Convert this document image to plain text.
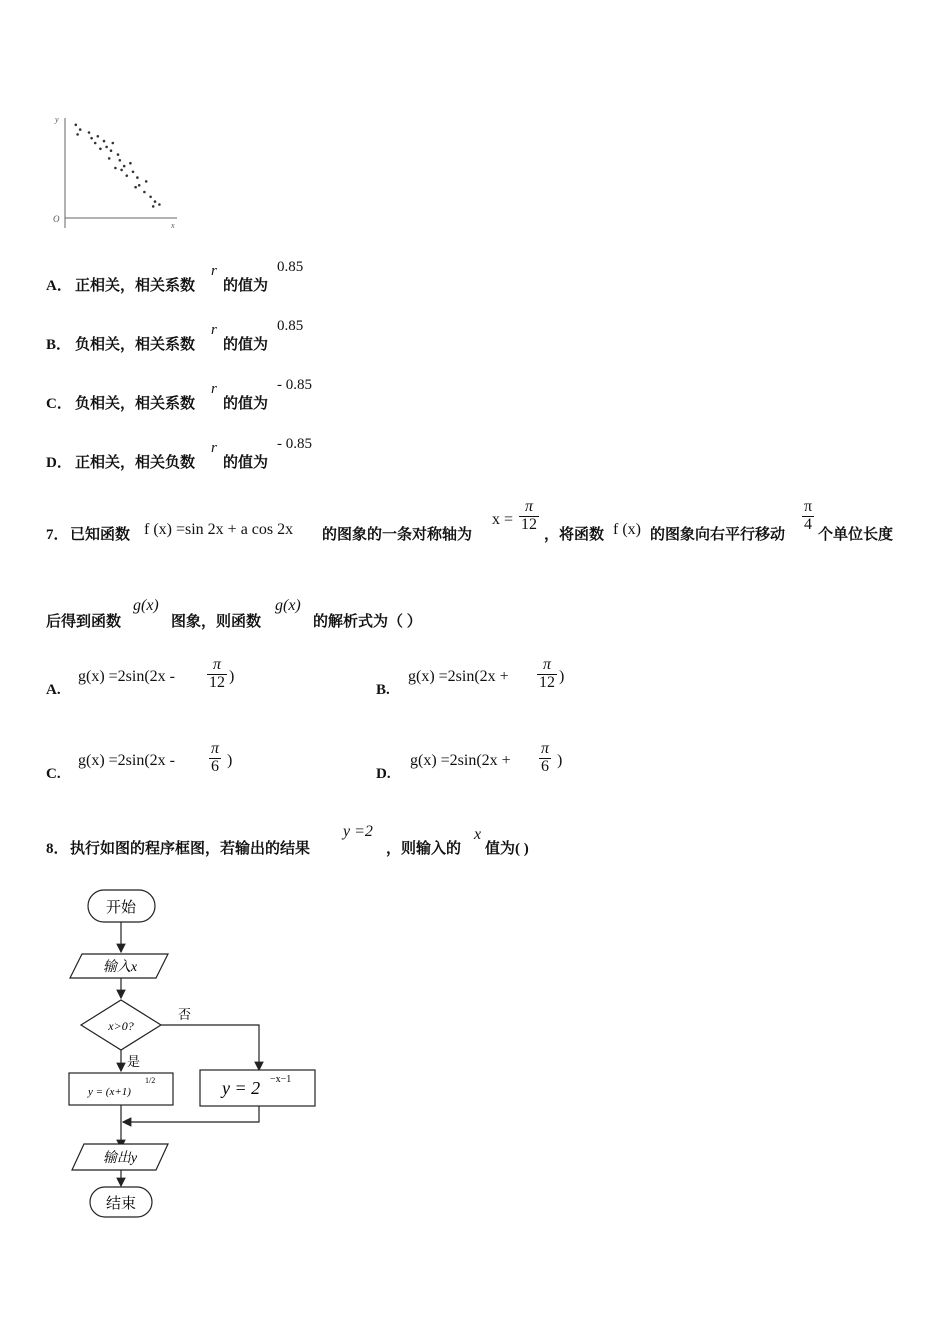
y
x
O
A． 正相关，相关系数
r
的值为
0.85
B． 负相关，相关系数
r
的值为
0.85
C． 负相关，相关系数
r
的值为
- 0.85
D． 正相关，相关负数
r
的值为
- 0.85
7． 已知函数 f (x) =sin 2x + a cos 2x 的图象的一条对称轴为
$x = \frac{\pi}{12}$
，将函数 f (x) 的图象向右平行移动
$\frac{\pi}{4}$
个单位长度
后得到函数
g(x)
图象，则函数
g(x)
的解析式为（ ）
A.
$g(x) =2\sin(2x - \frac{\pi}{12}$ )
B.
$g(x) =2\sin(2x + \frac{\pi}{12}$ )
C.
$g(x) =2\sin(2x - \frac{\pi}{6}$ )
D.
$g(x) =2\sin(2x + \frac{\pi}{6}$ )
8． 执行如图的程序框图，若输出的结果
y =2
，则输入的
x
值为( )
开始
输入x
x>0?
否
是
y = (x+1)
1/2	y = 2 −x−1
输出y
结束
